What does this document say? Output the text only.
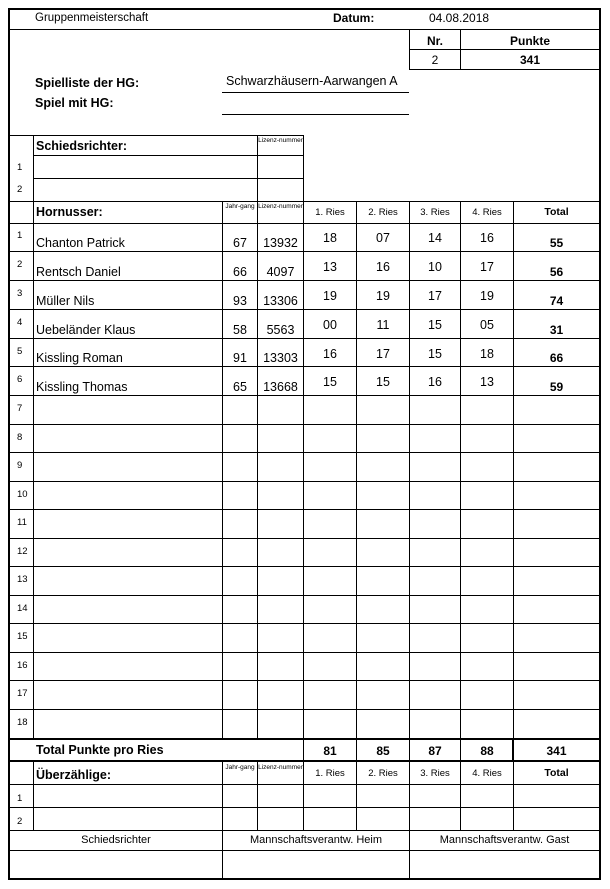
Gruppenmeisterschaft	Datum:	04.08.2018
Nr.	Punkte
2	341
Spielliste der HG:	Schwarzhäusern-Aarwangen A
Spiel mit HG:
Schiedsrichter:	Lizenz-nummer
1
2
Hornusser:	Jahr-gang Lizenz-nummer
1. Ries	2. Ries	3. Ries	4. Ries	Total
1
Chanton Patrick	67	13932	18	07	14	16	55
2
Rentsch Daniel	66	4097	13	16	10	17	56
3
Müller Nils	93	13306	19	19	17	19	74
4
Uebeländer Klaus	58	5563	00	11	15	05	31
5 Kissling Roman	91	13303	16	17	15	18	66
6
Kissling Thomas	65	13668	15	15	16	13	59
7
8
9
10
11
12
13
14
15
16
17
18
Total Punkte pro Ries	81	85	87	88	341
Überzählige:
Jahr-gang Lizenz-nummer
1. Ries	2. Ries	3. Ries	4. Ries	Total
1
2
Schiedsrichter	Mannschaftsverantw. Heim	Mannschaftsverantw. Gast
